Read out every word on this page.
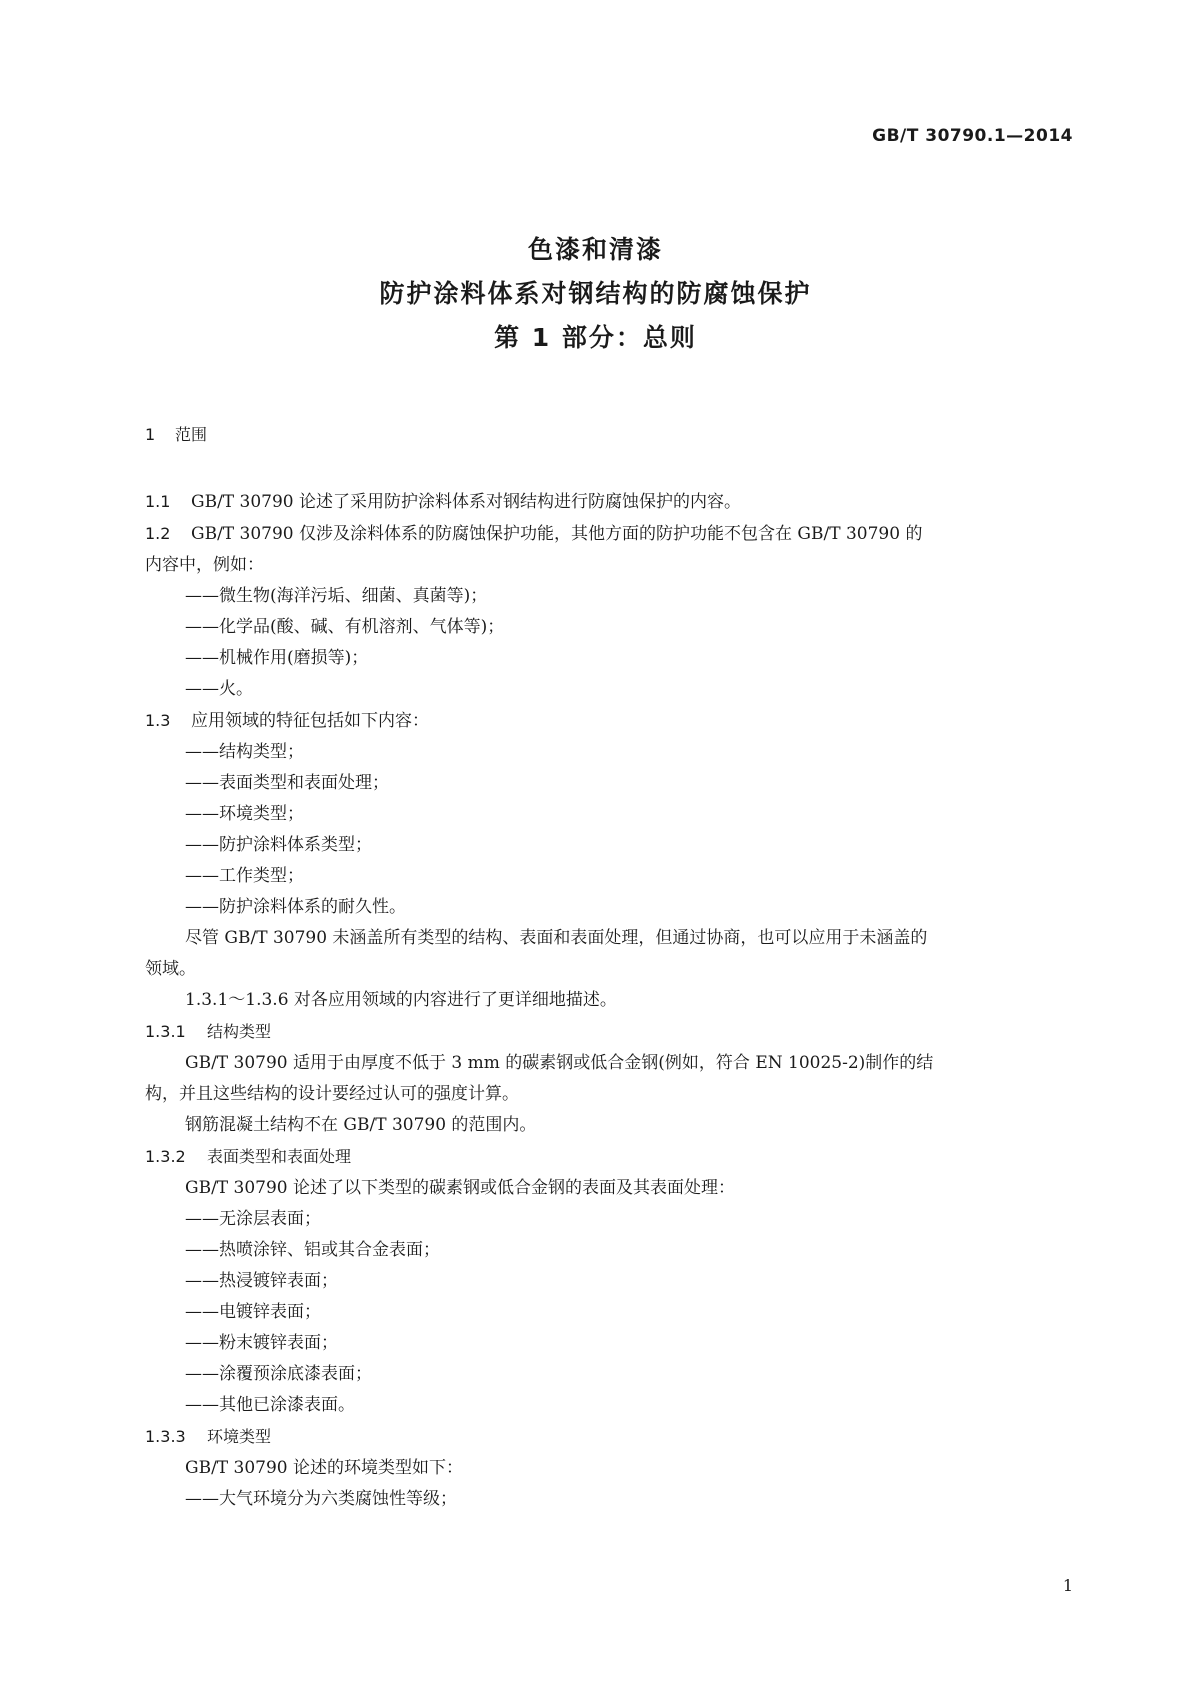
GB/T 30790.1—2014
色漆和清漆
防护涂料体系对钢结构的防腐蚀保护
第 1 部分：总则
1 范围
1.1 GB/T 30790 论述了采用防护涂料体系对钢结构进行防腐蚀保护的内容。
1.2 GB/T 30790 仅涉及涂料体系的防腐蚀保护功能，其他方面的防护功能不包含在 GB/T 30790 的
内容中，例如：
——微生物(海洋污垢、细菌、真菌等)；
——化学品(酸、碱、有机溶剂、气体等)；
——机械作用(磨损等)；
——火。
1.3 应用领域的特征包括如下内容：
——结构类型；
——表面类型和表面处理；
——环境类型；
——防护涂料体系类型；
——工作类型；
——防护涂料体系的耐久性。
尽管 GB/T 30790 未涵盖所有类型的结构、表面和表面处理，但通过协商，也可以应用于未涵盖的
领域。
1.3.1～1.3.6 对各应用领域的内容进行了更详细地描述。
1.3.1 结构类型
GB/T 30790 适用于由厚度不低于 3 mm 的碳素钢或低合金钢(例如，符合 EN 10025-2)制作的结
构，并且这些结构的设计要经过认可的强度计算。
钢筋混凝土结构不在 GB/T 30790 的范围内。
1.3.2 表面类型和表面处理
GB/T 30790 论述了以下类型的碳素钢或低合金钢的表面及其表面处理：
——无涂层表面；
——热喷涂锌、铝或其合金表面；
——热浸镀锌表面；
——电镀锌表面；
——粉末镀锌表面；
——涂覆预涂底漆表面；
——其他已涂漆表面。
1.3.3 环境类型
GB/T 30790 论述的环境类型如下：
——大气环境分为六类腐蚀性等级；
1
